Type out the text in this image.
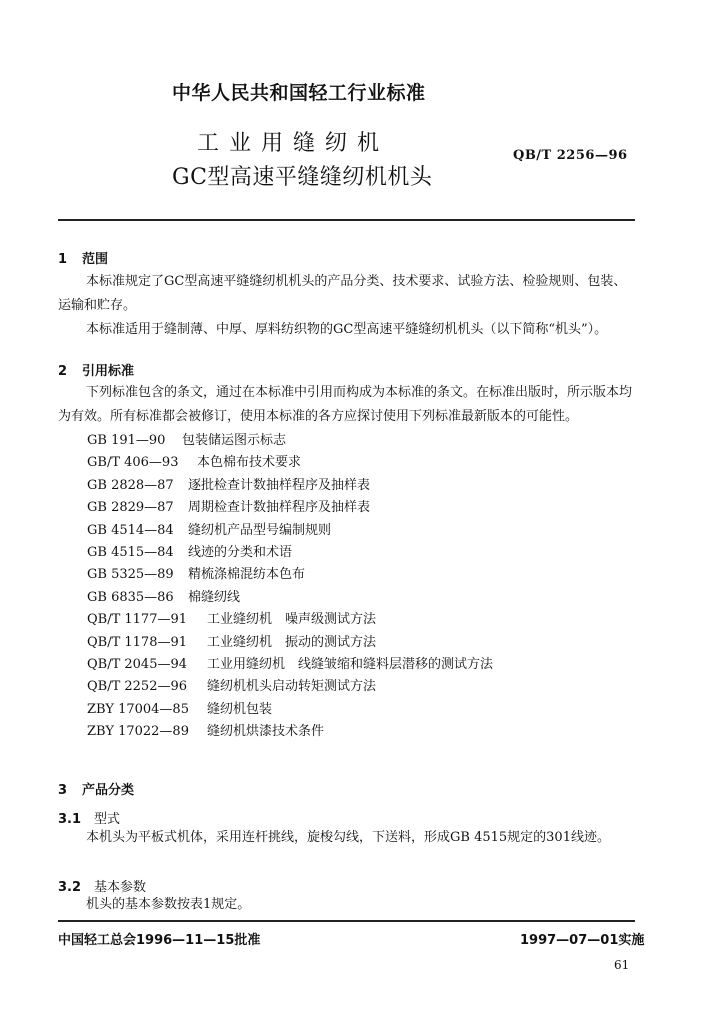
中华人民共和国轻工行业标准

工业用缝纫机

GC型高速平缝缝纫机机头

QB/T 2256—96

1 范围

本标准规定了GC型高速平缝缝纫机机头的产品分类、技术要求、试验方法、检验规则、包装、运输和贮存。

本标准适用于缝制薄、中厚、厚料纺织物的GC型高速平缝缝纫机机头（以下简称“机头”）。

2 引用标准

下列标准包含的条文，通过在本标准中引用而构成为本标准的条文。在标准出版时，所示版本均为有效。所有标准都会被修订，使用本标准的各方应探讨使用下列标准最新版本的可能性。

GB 191—90	包装储运图示标志
GB/T 406—93	本色棉布技术要求
GB 2828—87	逐批检查计数抽样程序及抽样表
GB 2829—87	周期检查计数抽样程序及抽样表
GB 4514—84	缝纫机产品型号编制规则
GB 4515—84	线迹的分类和术语
GB 5325—89	精梳涤棉混纺本色布
GB 6835—86	棉缝纫线
QB/T 1177—91	工业缝纫机　噪声级测试方法
QB/T 1178—91	工业缝纫机　振动的测试方法
QB/T 2045—94	工业用缝纫机　线缝皱缩和缝料层潜移的测试方法
QB/T 2252—96	缝纫机机头启动转矩测试方法
ZBY 17004—85	缝纫机包装
ZBY 17022—89	缝纫机烘漆技术条件

3 产品分类

3.1 型式

本机头为平板式机体，采用连杆挑线，旋梭勾线，下送料，形成GB 4515规定的301线迹。

3.2 基本参数

机头的基本参数按表1规定。

中国轻工总会1996—11—15批准	1997—07—01实施

61
